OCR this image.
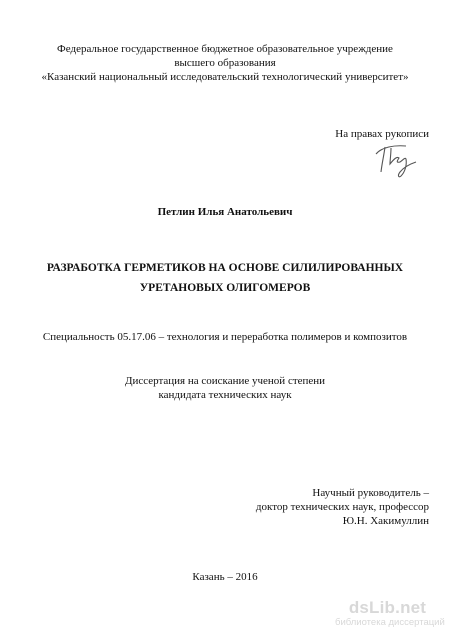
Федеральное государственное бюджетное образовательное учреждение
высшего образования
«Казанский национальный исследовательский технологический университет»
На правах рукописи
Петлин Илья Анатольевич
РАЗРАБОТКА ГЕРМЕТИКОВ НА ОСНОВЕ СИЛИЛИРОВАННЫХ
УРЕТАНОВЫХ ОЛИГОМЕРОВ
Специальность 05.17.06 – технология и переработка полимеров и композитов
Диссертация на соискание ученой степени
кандидата технических наук
Научный руководитель –
доктор технических наук, профессор
Ю.Н. Хакимуллин
Казань – 2016
dsLib.net
библиотека диссертаций
